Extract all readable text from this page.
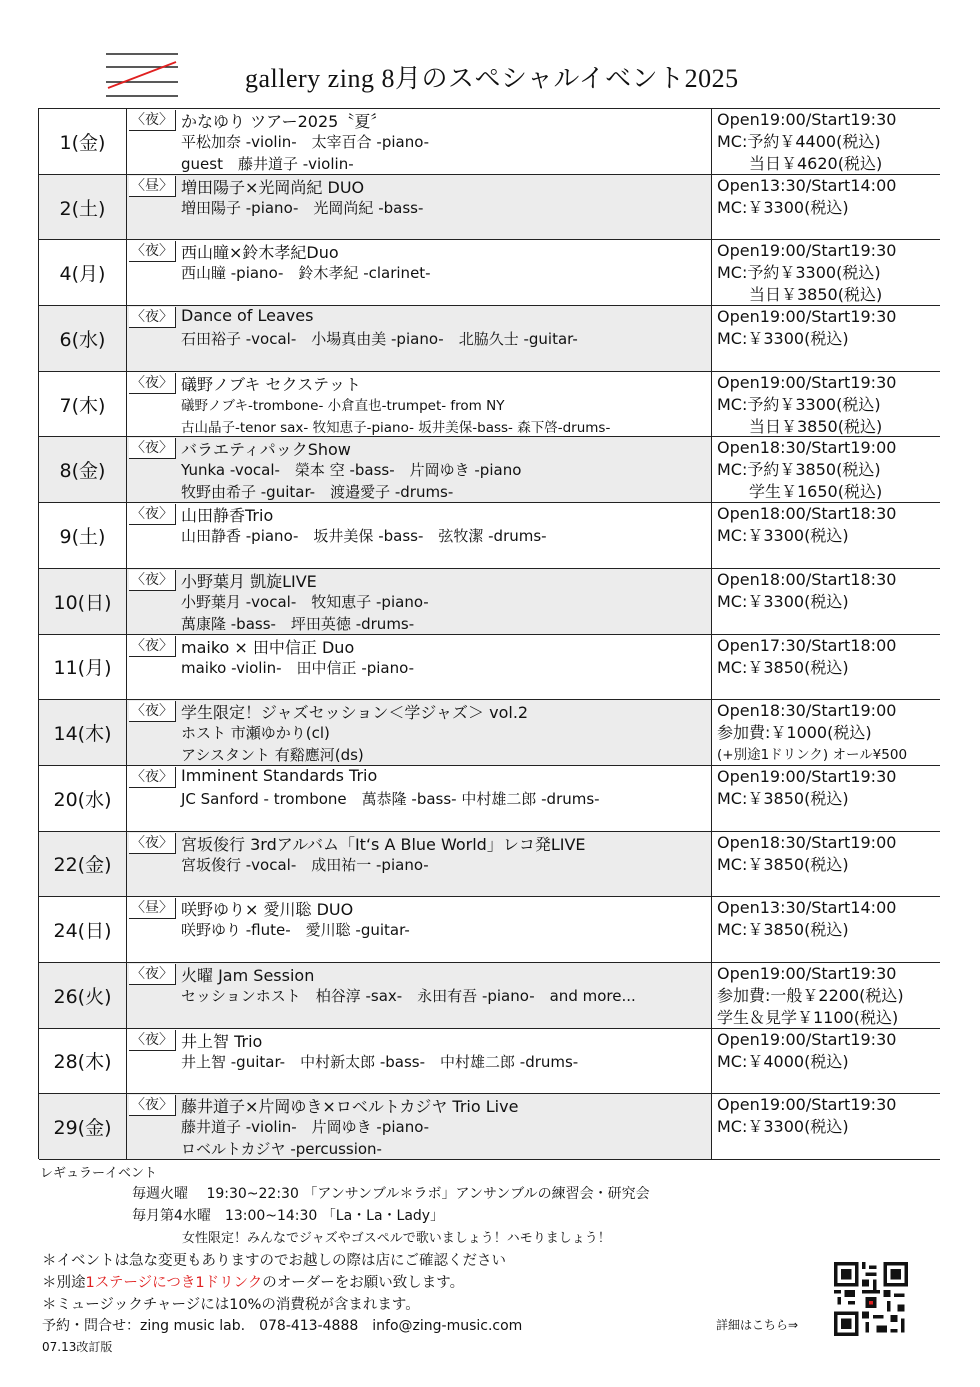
gallery zing 8月のスペシャルイベント2025
1(金)
〈夜〉 かなゆり ツアー2025〝夏〞
平松加奈 -violin-　太宰百合 -piano-
guest　藤井道子 -violin-
Open19:00/Start19:30
MC:予約￥4400(税込)
当日￥4620(税込)
2(土)
〈昼〉 増田陽子×光岡尚紀 DUO
増田陽子 -piano-　光岡尚紀 -bass-
Open13:30/Start14:00
MC:￥3300(税込)
4(月)
〈夜〉 西山瞳×鈴木孝紀Duo
西山瞳 -piano-　鈴木孝紀 -clarinet-
Open19:00/Start19:30
MC:予約￥3300(税込)
当日￥3850(税込)
6(水)
〈夜〉 Dance of Leaves
石田裕子 -vocal-　小場真由美 -piano-　北脇久士 -guitar-
Open19:00/Start19:30
MC:￥3300(税込)
7(木)
〈夜〉 礒野ノブキ セクステット
礒野ノブキ-trombone- 小倉直也-trumpet- from NY
古山晶子-tenor sax- 牧知恵子-piano- 坂井美保-bass- 森下啓-drums-
Open19:00/Start19:30
MC:予約￥3300(税込)
当日￥3850(税込)
8(金)
〈夜〉 バラエティパックShow
Yunka -vocal-　榮本 空 -bass-　片岡ゆき -piano
牧野由希子 -guitar-　渡邉愛子 -drums-
Open18:30/Start19:00
MC:予約￥3850(税込)
学生￥1650(税込)
9(土)
〈夜〉 山田静香Trio
山田静香 -piano-　坂井美保 -bass-　弦牧潔 -drums-
Open18:00/Start18:30
MC:￥3300(税込)
10(日)
〈夜〉 小野葉月 凱旋LIVE
小野葉月 -vocal-　牧知恵子 -piano-
萬康隆 -bass-　坪田英徳 -drums-
Open18:00/Start18:30
MC:￥3300(税込)
11(月)
〈夜〉 maiko × 田中信正 Duo
maiko -violin-　田中信正 -piano-
Open17:30/Start18:00
MC:￥3850(税込)
14(木)
〈夜〉 学生限定！ジャズセッション＜学ジャズ＞ vol.2
ホスト 市瀬ゆかり(cl)
アシスタント 有谿應河(ds)
Open18:30/Start19:00
参加費:￥1000(税込)
(+別途1ドリンク) オール¥500
20(水)
〈夜〉 Imminent Standards Trio
JC Sanford - trombone　萬恭隆 -bass- 中村雄二郎 -drums-
Open19:00/Start19:30
MC:￥3850(税込)
22(金)
〈夜〉 宮坂俊行 3rdアルバム「It‘s A Blue World」レコ発LIVE
宮坂俊行 -vocal-　成田祐一 -piano-
Open18:30/Start19:00
MC:￥3850(税込)
24(日)
〈昼〉 咲野ゆり× 愛川聡 DUO
咲野ゆり -flute-　愛川聡 -guitar-
Open13:30/Start14:00
MC:￥3850(税込)
26(火)
〈夜〉 火曜 Jam Session
セッションホスト　柏谷淳 -sax-　永田有吾 -piano-　and more...
Open19:00/Start19:30
参加費:一般￥2200(税込)
学生＆見学￥1100(税込)
28(木)
〈夜〉 井上智 Trio
井上智 -guitar-　中村新太郎 -bass-　中村雄二郎 -drums-
Open19:00/Start19:30
MC:￥4000(税込)
29(金)
〈夜〉 藤井道子×片岡ゆき×ロベルトカジヤ Trio Live
藤井道子 -violin-　片岡ゆき -piano-
ロベルトカジヤ -percussion-
Open19:00/Start19:30
MC:￥3300(税込)
レギュラーイベント
毎週火曜　 19:30~22:30 「アンサンブル＊ラボ」アンサンブルの練習会・研究会
毎月第4水曜　13:00~14:30 「La・La・Lady」
女性限定！みんなでジャズやゴスペルで歌いましょう！ハモりましょう！
＊イベントは急な変更もありますのでお越しの際は店にご確認ください
＊別途1ステージにつき1ドリンクのオーダーをお願い致します。
＊ミュージックチャージには10%の消費税が含まれます。
予約・問合せ：zing music lab.　078-413-4888　info@zing-music.com
07.13改訂版
詳細はこちら⇒
